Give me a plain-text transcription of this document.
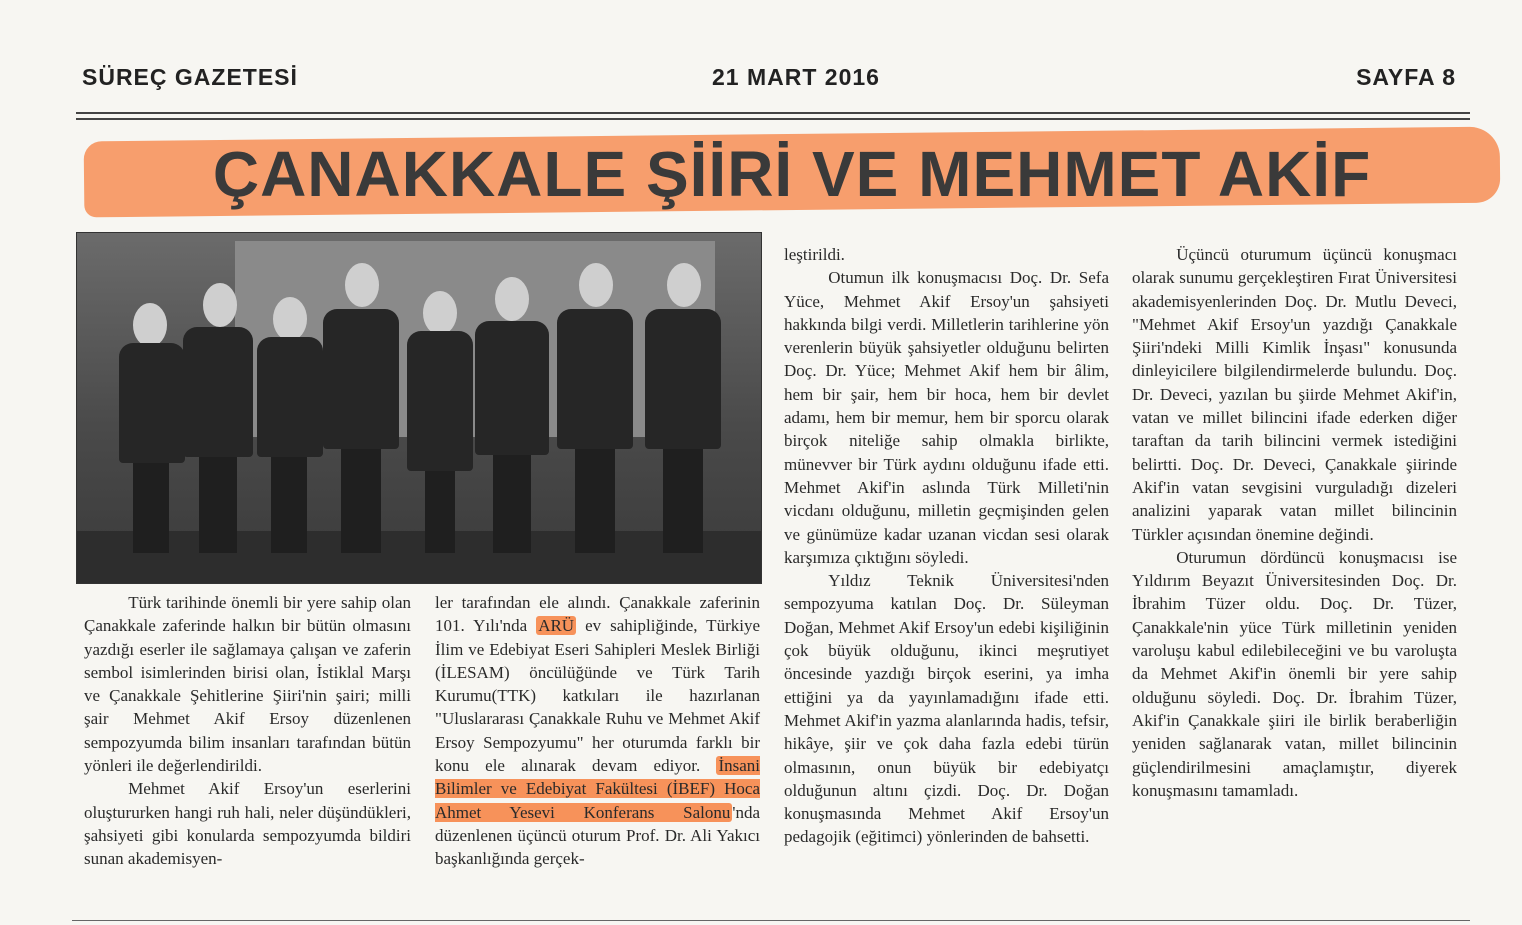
SÜREÇ GAZETESİ	21 MART 2016	SAYFA 8
ÇANAKKALE ŞİİRİ VE MEHMET AKİF

Türk tarihinde önemli bir yere sahip olan Çanakkale zaferinde halkın bir bütün olmasını yazdığı eserler ile sağlamaya çalışan ve zaferin sembol isimlerinden birisi olan, İstiklal Marşı ve Çanakkale Şehitlerine Şiiri'nin şairi; milli şair Mehmet Akif Ersoy düzenlenen sempozyumda bilim insanları tarafından bütün yönleri ile değerlendirildi.

Mehmet Akif Ersoy'un eserlerini oluştururken hangi ruh hali, neler düşündükleri, şahsiyeti gibi konularda sempozyumda bildiri sunan akademisyen-

ler tarafından ele alındı. Çanakkale zaferinin 101. Yılı'nda ARÜ ev sahipliğinde, Türkiye İlim ve Edebiyat Eseri Sahipleri Meslek Birliği (İLESAM) öncülüğünde ve Türk Tarih Kurumu(TTK) katkıları ile hazırlanan "Uluslararası Çanakkale Ruhu ve Mehmet Akif Ersoy Sempozyumu" her oturumda farklı bir konu ele alınarak devam ediyor. İnsani Bilimler ve Edebiyat Fakültesi (İBEF) Hoca Ahmet Yesevi Konferans Salonu 'nda düzenlenen üçüncü oturum Prof. Dr. Ali Yakıcı başkanlığında gerçek-

leştirildi.

Otumun ilk konuşmacısı Doç. Dr. Sefa Yüce, Mehmet Akif Ersoy'un şahsiyeti hakkında bilgi verdi. Milletlerin tarihlerine yön verenlerin büyük şahsiyetler olduğunu belirten Doç. Dr. Yüce; Mehmet Akif hem bir âlim, hem bir şair, hem bir hoca, hem bir devlet adamı, hem bir memur, hem bir sporcu olarak birçok niteliğe sahip olmakla birlikte, münevver bir Türk aydını olduğunu ifade etti. Mehmet Akif'in aslında Türk Milleti'nin vicdanı olduğunu, milletin geçmişinden gelen ve günümüze kadar uzanan vicdan sesi olarak karşımıza çıktığını söyledi.

Yıldız Teknik Üniversitesi'nden sempozyuma katılan Doç. Dr. Süleyman Doğan, Mehmet Akif Ersoy'un edebi kişiliğinin çok büyük olduğunu, ikinci meşrutiyet öncesinde yazdığı birçok eserini, ya imha ettiğini ya da yayınlamadığını ifade etti. Mehmet Akif'in yazma alanlarında hadis, tefsir, hikâye, şiir ve çok daha fazla edebi türün olmasının, onun büyük bir edebiyatçı olduğunun altını çizdi. Doç. Dr. Doğan konuşmasında Mehmet Akif Ersoy'un pedagojik (eğitimci) yönlerinden de bahsetti.

Üçüncü oturumum üçüncü konuşmacı olarak sunumu gerçekleştiren Fırat Üniversitesi akademisyenlerinden Doç. Dr. Mutlu Deveci, "Mehmet Akif Ersoy'un yazdığı Çanakkale Şiiri'ndeki Milli Kimlik İnşası" konusunda dinleyicilere bilgilendirmelerde bulundu. Doç. Dr. Deveci, yazılan bu şiirde Mehmet Akif'in, vatan ve millet bilincini ifade ederken diğer taraftan da tarih bilincini vermek istediğini belirtti. Doç. Dr. Deveci, Çanakkale şiirinde Akif'in vatan sevgisini vurguladığı dizeleri analizini yaparak vatan millet bilincinin Türkler açısından önemine değindi.

Oturumun dördüncü konuşmacısı ise Yıldırım Beyazıt Üniversitesinden Doç. Dr. İbrahim Tüzer oldu. Doç. Dr. Tüzer, Çanakkale'nin yüce Türk milletinin yeniden varoluşu kabul edilebileceğini ve bu varoluşta da Mehmet Akif'in önemli bir yere sahip olduğunu söyledi. Doç. Dr. İbrahim Tüzer, Akif'in Çanakkale şiiri ile birlik beraberliğin yeniden sağlanarak vatan, millet bilincinin güçlendirilmesini amaçlamıştır, diyerek konuşmasını tamamladı.
